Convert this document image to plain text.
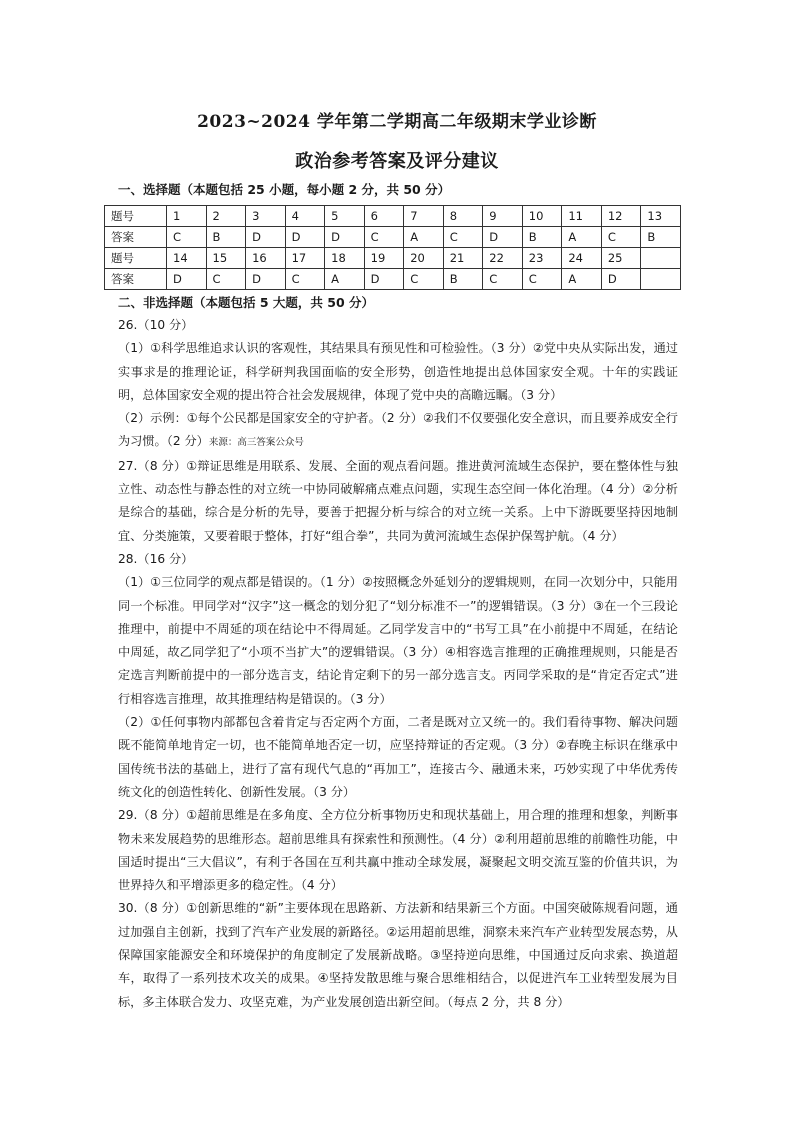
2023~2024 学年第二学期高二年级期末学业诊断
政治参考答案及评分建议
一、选择题（本题包括 25 小题，每小题 2 分，共 50 分）
题号	1	2	3	4	5	6	7	8	9	10	11	12	13
答案	C	B	D	D	D	C	A	C	D	B	A	C	B
题号	14	15	16	17	18	19	20	21	22	23	24	25	
答案	D	C	D	C	A	D	C	B	C	C	A	D	
二、非选择题（本题包括 5 大题，共 50 分）

26.（10 分）

（1）①科学思维追求认识的客观性，其结果具有预见性和可检验性。（3 分）②党中央从实际出发，通过实事求是的推理论证，科学研判我国面临的安全形势，创造性地提出总体国家安全观。十年的实践证明，总体国家安全观的提出符合社会发展规律，体现了党中央的高瞻远瞩。（3 分）

（2）示例：①每个公民都是国家安全的守护者。（2 分）②我们不仅要强化安全意识，而且要养成安全行为习惯。（2 分）来源：高三答案公众号

27.（8 分）①辩证思维是用联系、发展、全面的观点看问题。推进黄河流域生态保护，要在整体性与独立性、动态性与静态性的对立统一中协同破解痛点难点问题，实现生态空间一体化治理。（4 分）②分析是综合的基础，综合是分析的先导，要善于把握分析与综合的对立统一关系。上中下游既要坚持因地制宜、分类施策，又要着眼于整体，打好“组合拳”，共同为黄河流域生态保护保驾护航。（4 分）

28.（16 分）

（1）①三位同学的观点都是错误的。（1 分）②按照概念外延划分的逻辑规则，在同一次划分中，只能用同一个标准。甲同学对“汉字”这一概念的划分犯了“划分标准不一”的逻辑错误。（3 分）③在一个三段论推理中，前提中不周延的项在结论中不得周延。乙同学发言中的“书写工具”在小前提中不周延，在结论中周延，故乙同学犯了“小项不当扩大”的逻辑错误。（3 分）④相容选言推理的正确推理规则，只能是否定选言判断前提中的一部分选言支，结论肯定剩下的另一部分选言支。丙同学采取的是“肯定否定式”进行相容选言推理，故其推理结构是错误的。（3 分）

（2）①任何事物内部都包含着肯定与否定两个方面，二者是既对立又统一的。我们看待事物、解决问题既不能简单地肯定一切，也不能简单地否定一切，应坚持辩证的否定观。（3 分）②春晚主标识在继承中国传统书法的基础上，进行了富有现代气息的“再加工”，连接古今、融通未来，巧妙实现了中华优秀传统文化的创造性转化、创新性发展。（3 分）

29.（8 分）①超前思维是在多角度、全方位分析事物历史和现状基础上，用合理的推理和想象，判断事物未来发展趋势的思维形态。超前思维具有探索性和预测性。（4 分）②利用超前思维的前瞻性功能，中国适时提出“三大倡议”，有利于各国在互利共赢中推动全球发展，凝聚起文明交流互鉴的价值共识，为世界持久和平增添更多的稳定性。（4 分）

30.（8 分）①创新思维的“新”主要体现在思路新、方法新和结果新三个方面。中国突破陈规看问题，通过加强自主创新，找到了汽车产业发展的新路径。②运用超前思维，洞察未来汽车产业转型发展态势，从保障国家能源安全和环境保护的角度制定了发展新战略。③坚持逆向思维，中国通过反向求索、换道超车，取得了一系列技术攻关的成果。④坚持发散思维与聚合思维相结合，以促进汽车工业转型发展为目标，多主体联合发力、攻坚克难，为产业发展创造出新空间。（每点 2 分，共 8 分）
